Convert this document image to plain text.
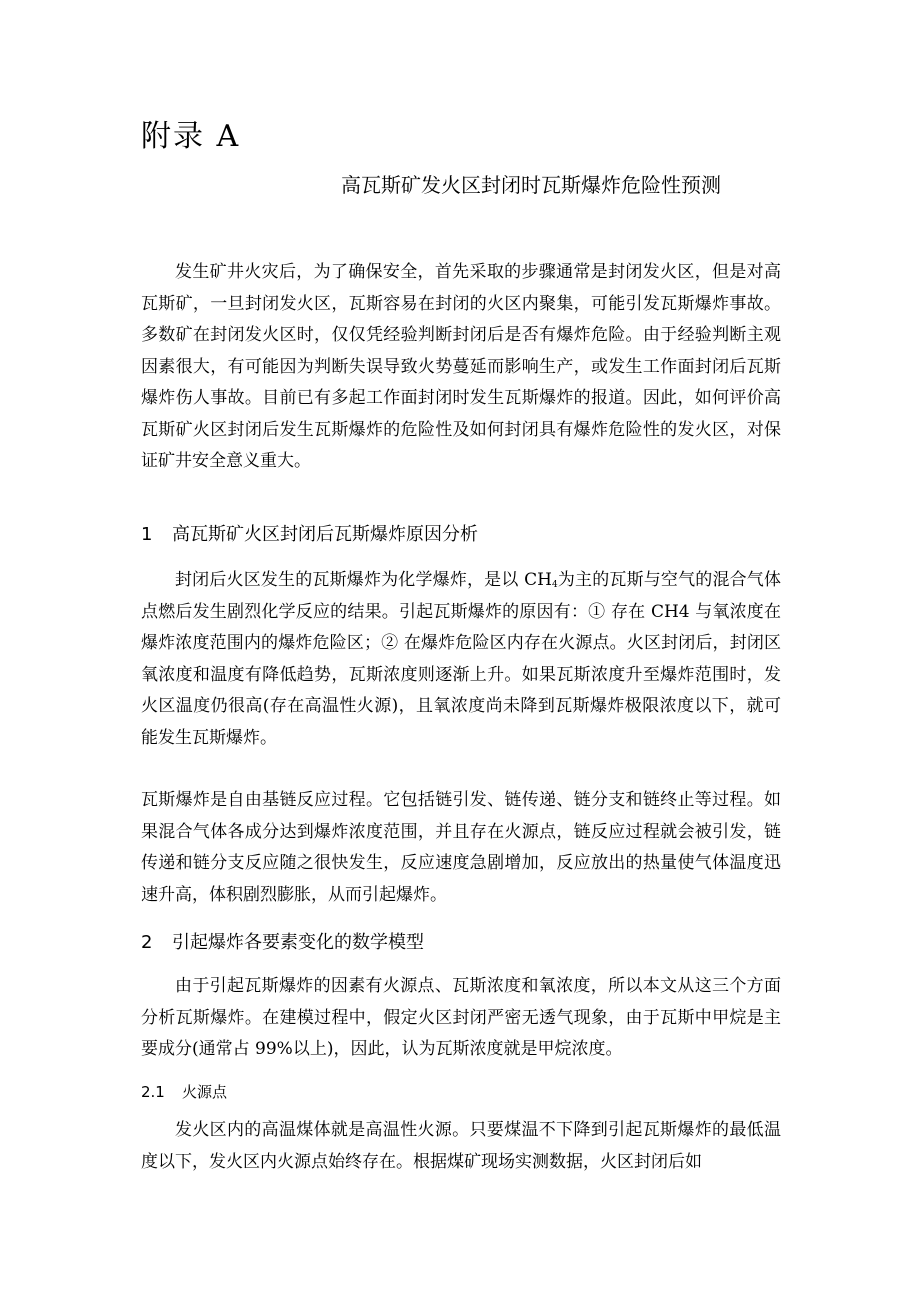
附录 A
高瓦斯矿发火区封闭时瓦斯爆炸危险性预测

发生矿井火灾后，为了确保安全，首先采取的步骤通常是封闭发火区，但是对高瓦斯矿，一旦封闭发火区，瓦斯容易在封闭的火区内聚集，可能引发瓦斯爆炸事故。多数矿在封闭发火区时，仅仅凭经验判断封闭后是否有爆炸危险。由于经验判断主观因素很大，有可能因为判断失误导致火势蔓延而影响生产，或发生工作面封闭后瓦斯爆炸伤人事故。目前已有多起工作面封闭时发生瓦斯爆炸的报道。因此，如何评价高瓦斯矿火区封闭后发生瓦斯爆炸的危险性及如何封闭具有爆炸危险性的发火区，对保证矿井安全意义重大。

1 高瓦斯矿火区封闭后瓦斯爆炸原因分析

封闭后火区发生的瓦斯爆炸为化学爆炸，是以 $CH_4$为主的瓦斯与空气的混合气体点燃后发生剧烈化学反应的结果。引起瓦斯爆炸的原因有：① 存在 CH4 与氧浓度在爆炸浓度范围内的爆炸危险区；② 在爆炸危险区内存在火源点。火区封闭后，封闭区氧浓度和温度有降低趋势，瓦斯浓度则逐渐上升。如果瓦斯浓度升至爆炸范围时，发火区温度仍很高(存在高温性火源)，且氧浓度尚未降到瓦斯爆炸极限浓度以下，就可能发生瓦斯爆炸。

瓦斯爆炸是自由基链反应过程。它包括链引发、链传递、链分支和链终止等过程。如果混合气体各成分达到爆炸浓度范围，并且存在火源点，链反应过程就会被引发，链传递和链分支反应随之很快发生，反应速度急剧增加，反应放出的热量使气体温度迅速升高，体积剧烈膨胀，从而引起爆炸。

2 引起爆炸各要素变化的数学模型

由于引起瓦斯爆炸的因素有火源点、瓦斯浓度和氧浓度，所以本文从这三个方面分析瓦斯爆炸。在建模过程中，假定火区封闭严密无透气现象，由于瓦斯中甲烷是主要成分(通常占 99%以上)，因此，认为瓦斯浓度就是甲烷浓度。

2.1 火源点

发火区内的高温煤体就是高温性火源。只要煤温不下降到引起瓦斯爆炸的最低温度以下，发火区内火源点始终存在。根据煤矿现场实测数据，火区封闭后如
